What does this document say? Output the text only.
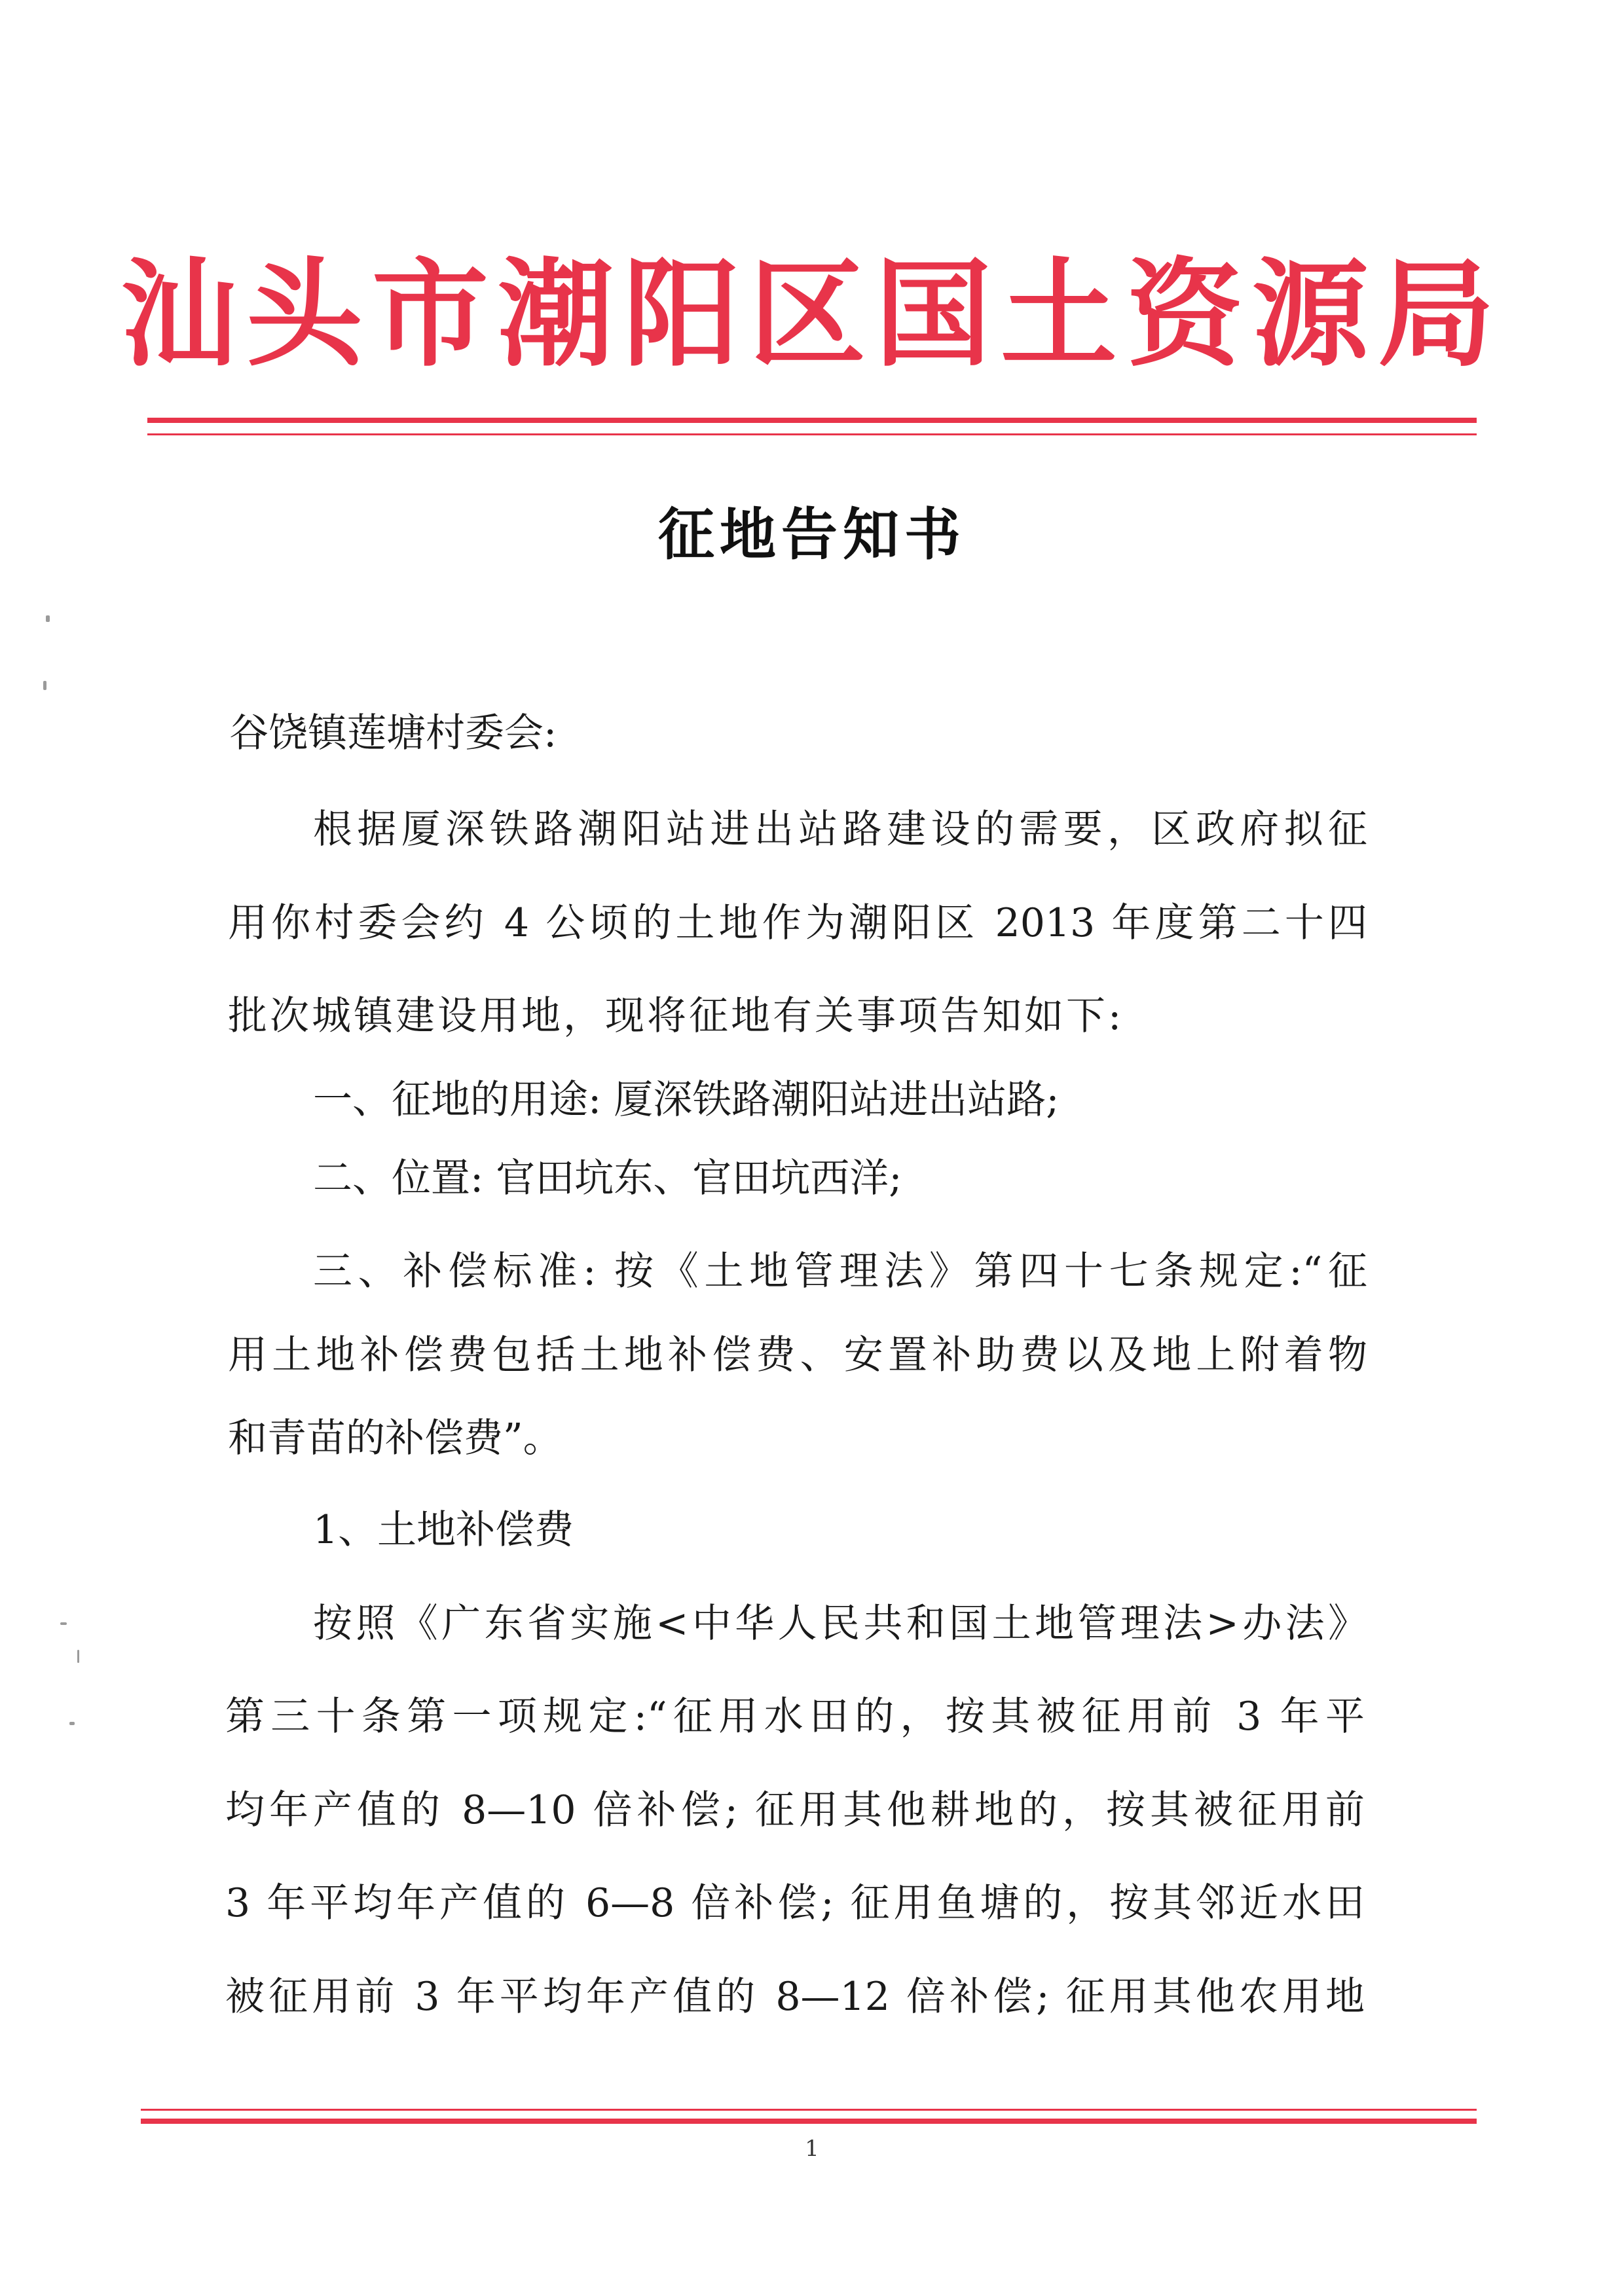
汕头市潮阳区国土资源局
征地告知书
谷饶镇莲塘村委会:
根据厦深铁路潮阳站进出站路建设的需要，区政府拟征
用你村委会约 4 公顷的土地作为潮阳区 2013 年度第二十四
批次城镇建设用地，现将征地有关事项告知如下:
一、征地的用途: 厦深铁路潮阳站进出站路;
二、位置: 官田坑东、官田坑西洋;
三、补偿标准: 按《土地管理法》第四十七条规定:“征
用土地补偿费包括土地补偿费、安置补助费以及地上附着物
和青苗的补偿费”。
1、土地补偿费
按照《广东省实施<中华人民共和国土地管理法>办法》
第三十条第一项规定:“征用水田的，按其被征用前 3 年平
均年产值的 8—10 倍补偿; 征用其他耕地的，按其被征用前
3 年平均年产值的 6—8 倍补偿; 征用鱼塘的，按其邻近水田
被征用前 3 年平均年产值的 8—12 倍补偿; 征用其他农用地
1
